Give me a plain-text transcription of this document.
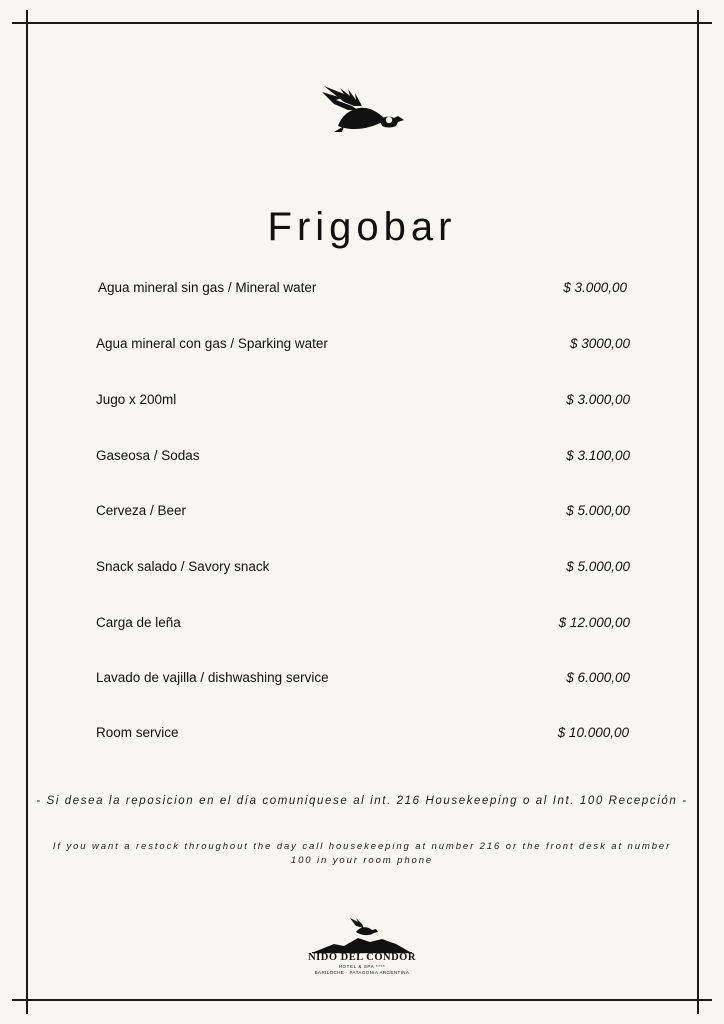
Frigobar
Agua mineral sin gas / Mineral water	$ 3.000,00
Agua mineral con gas / Sparking water	$ 3000,00
Jugo x 200ml	$ 3.000,00
Gaseosa / Sodas	$ 3.100,00
Cerveza / Beer	$ 5.000,00
Snack salado / Savory snack	$ 5.000,00
Carga de leña	$ 12.000,00
Lavado de vajilla / dishwashing service	$ 6.000,00
Room service	$ 10.000,00
- Si desea la reposicion en el día comuniquese al int. 216 Housekeeping o al Int. 100 Recepción -
If you want a restock throughout the day call housekeeping at number 216 or the front desk at number 100 in your room phone
NIDO DEL CONDOR
HOTEL & SPA ****
BARILOCHE · PATAGONIA ARGENTINA
